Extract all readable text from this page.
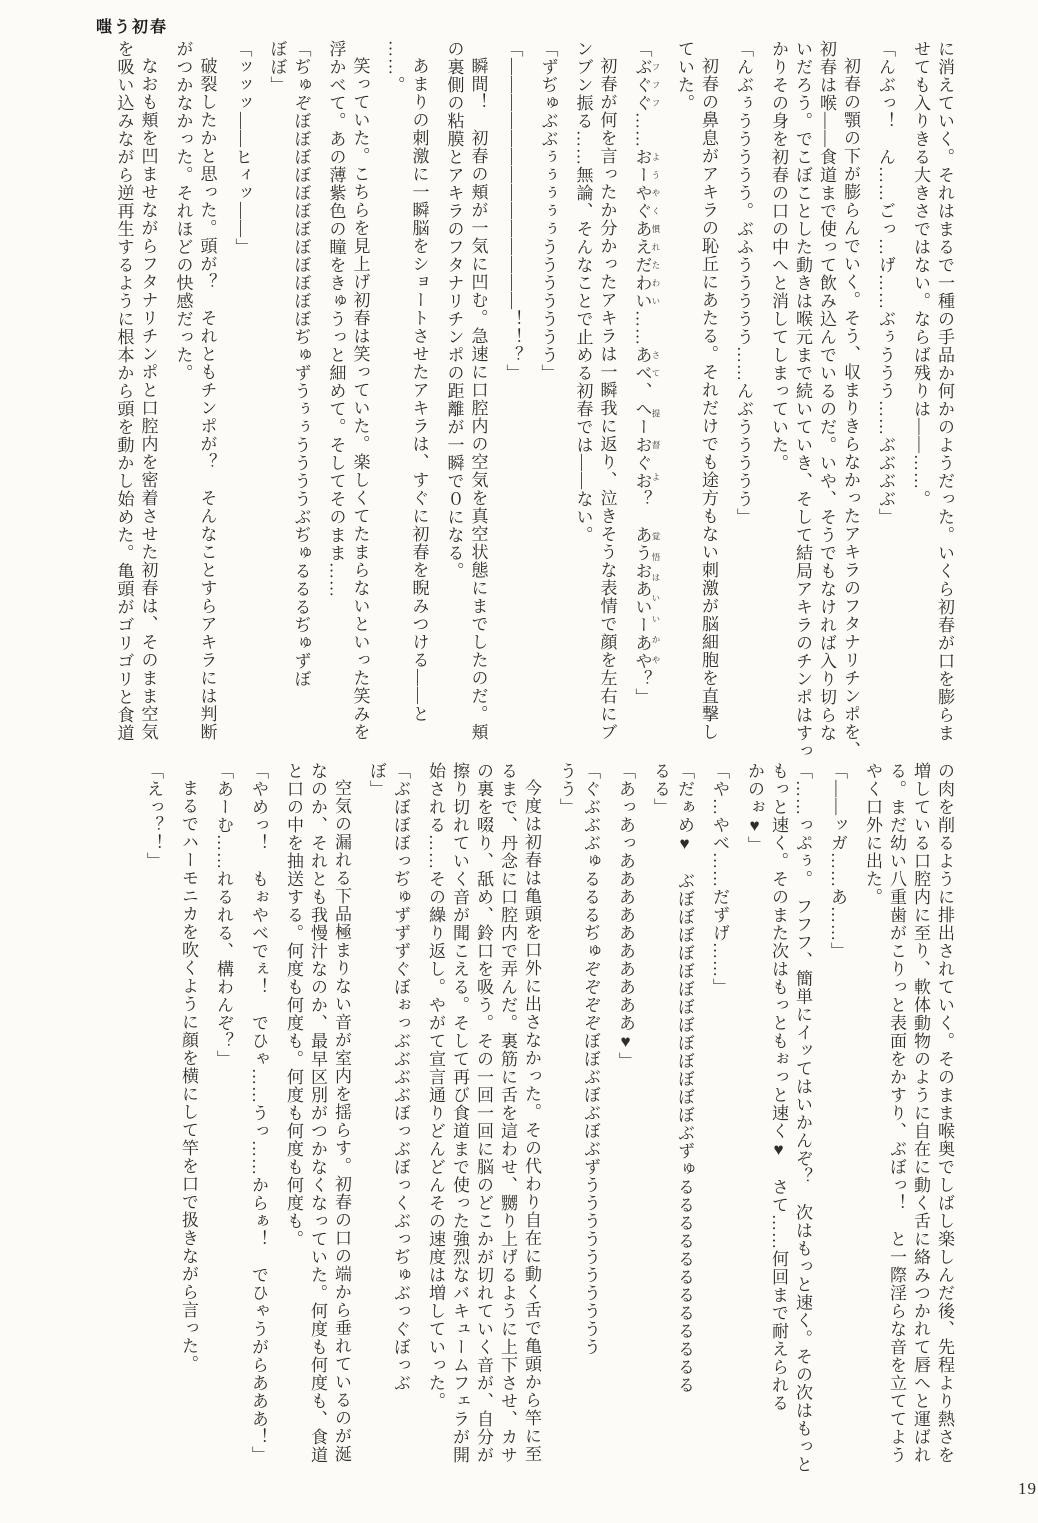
嗤う初春
に消えていく。それはまるで一種の手品か何かのようだった。いくら初春が口を膨らま
せても入りきる大きさではない。ならば残りは――……。
「んぶっ！　ん……ごっ…げ……ぶぅううう……ぶぶぶぶ」
初春の顎の下が膨らんでいく。そう、収まりきらなかったアキラのフタナリチンポを、
初春は喉――食道まで使って飲み込んでいるのだ。いや、そうでもなければ入り切らな
いだろう。でこぼことした動きは喉元まで続いていき、そして結局アキラのチンポはすっ
かりその身を初春の口の中へと消してしまっていた。
「んぶぅううううう。ぶふううううう……んぶううううう」
初春の鼻息がアキラの恥丘にあたる。それだけでも途方もない刺激が脳細胞を直撃し
ていた。
「ぶぐぐ フフフ……おーやぐあえだわい ようやく慣れたわい……あべ さて、へーおぐお 提督よ？　あうおあいーあや 覚悟はいいかや？」
初春が何を言ったか分かったアキラは一瞬我に返り、泣きそうな表情で顔を左右にブ
ンブン振る……無論、そんなことで止める初春では――ない。
「ずぢゅぶぶぅぅぅぅぅううううううう」
「――――――――――――――！！？」
瞬間！　初春の頬が一気に凹む。急速に口腔内の空気を真空状態にまでしたのだ。頬
の裏側の粘膜とアキラのフタナリチンポの距離が一瞬で０になる。
あまりの刺激に一瞬脳をショートさせたアキラは、すぐに初春を睨みつける――と
……。
笑っていた。こちらを見上げ初春は笑っていた。楽しくてたまらないといった笑みを
浮かべて。あの薄紫色の瞳をきゅうっと細めて。そしてそのまま……
「ぢゅぞぼぼぼぼぼぼぼぼぼぼぼぼぢゅずうぅぅううううぶぢゅるるるぢゅずぼ
ぼぼ」
「ッッッ――ヒィッ――」
破裂したかと思った。頭が？　それともチンポが？　そんなことすらアキラには判断
がつかなかった。それほどの快感だった。
なおも頬を凹ませながらフタナリチンポと口腔内を密着させた初春は、そのまま空気
を吸い込みながら逆再生するように根本から頭を動かし始めた。亀頭がゴリゴリと食道
の肉を削るように排出されていく。そのまま喉奥でしばし楽しんだ後、先程より熱さを
増している口腔内に至り、軟体動物のように自在に動く舌に絡みつかれて唇へと運ばれ
る。まだ幼い八重歯がこりっと表面をかすり、ぶぼっ！　と一際淫らな音を立ててよう
やく口外に出た。
「――ッガ……あ……」
「……っぷぅ。　フフフ、簡単にイッてはいかんぞ？　次はもっと速く。その次はもっと
もっと速く。そのまた次はもっともぉっと速く♥　さて……何回まで耐えられる
かのぉ♥」
「や…やべ……だずげ……」
「だぁめ♥　ぶぼぼぼぼぼぼぼぼぼぼぼぼぼぶずゅるるるるるるるるるるるる
るる」
「あっあっああああああああああ♥」
「ぐぶぶぶゅるるるぢゅぞぞぞぞぼぼぶぼぶぼぶずうううううううううう
うう」
今度は初春は亀頭を口外に出さなかった。その代わり自在に動く舌で亀頭から竿に至
るまで、丹念に口腔内で弄んだ。裏筋に舌を這わせ、嬲り上げるように上下させ、カサ
の裏を啜り、舐め、鈴口を吸う。その一回一回に脳のどこかが切れていく音が、自分が
擦り切れていく音が聞こえる。そして再び食道まで使った強烈なバキュームフェラが開
始される……その繰り返し。やがて宣言通りどんどんその速度は増していった。
「ぶぼぼぼっぢゅずずずぐぼぉっぶぶぶぶぼっぶぼっくぶっぢゅぶっぐぼっぶ
ぼ」
空気の漏れる下品極まりない音が室内を揺らす。初春の口の端から垂れているのが涎
なのか、それとも我慢汁なのか、最早区別がつかなくなっていた。何度も何度も、食道
と口の中を抽送する。何度も何度も。何度も何度も何度も。
「やめっ！　もぉやべでぇ！　でひゃ……うっ……からぁ！　でひゃうがらあああ！」
「あーむ……れるれる、構わんぞ？」
まるでハーモニカを吹くように顔を横にして竿を口で扱きながら言った。
「えっ？！」
19
